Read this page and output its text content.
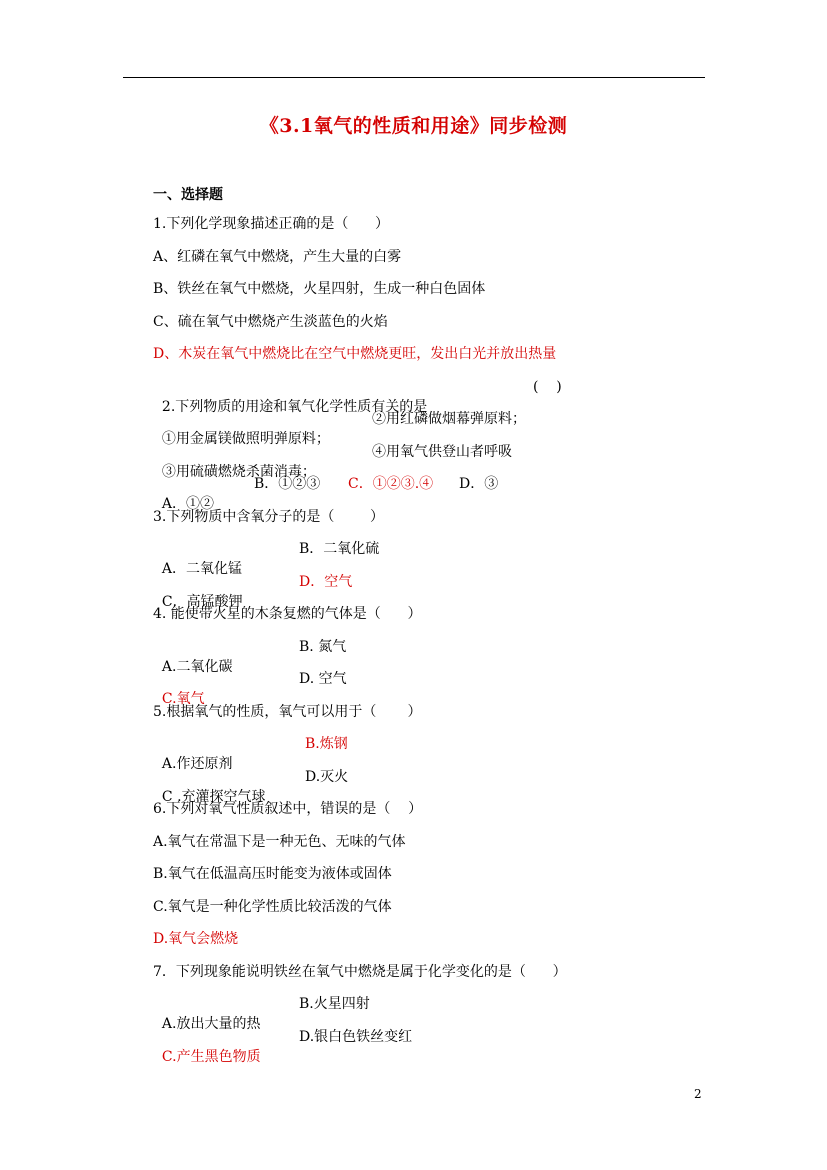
《3.1氧气的性质和用途》同步检测
一、选择题
1.下列化学现象描述正确的是（      ）
A、红磷在氧气中燃烧，产生大量的白雾
B、铁丝在氧气中燃烧，火星四射，生成一种白色固体
C、硫在氧气中燃烧产生淡蓝色的火焰
D、木炭在氧气中燃烧比在空气中燃烧更旺，发出白光并放出热量

2.下列物质的用途和氧气化学性质有关的是

(    )

①用金属镁做照明弹原料；

②用红磷做烟幕弹原料；

③用硫磺燃烧杀菌消毒；

④用氧气供登山者呼吸

A．①②

B．①②③

C．①②③.④

D．③

3.下列物质中含氧分子的是（        ）

A．二氧化锰

B．二氧化硫

C．高锰酸钾

D．空气

4. 能使带火星的木条复燃的气体是（      ）

A.二氧化碳

B. 氮气

C.氧气

D. 空气

5.根据氧气的性质，氧气可以用于（       ）

A.作还原剂

B.炼钢

C .充灌探空气球

D.灭火

6.下列对氧气性质叙述中，错误的是（    ）
A.氧气在常温下是一种无色、无味的气体
B.氧气在低温高压时能变为液体或固体
C.氧气是一种化学性质比较活泼的气体
D.氧气会燃烧
7．下列现象能说明铁丝在氧气中燃烧是属于化学变化的是（      ）

A.放出大量的热

B.火星四射

C.产生黑色物质

D.银白色铁丝变红

2
